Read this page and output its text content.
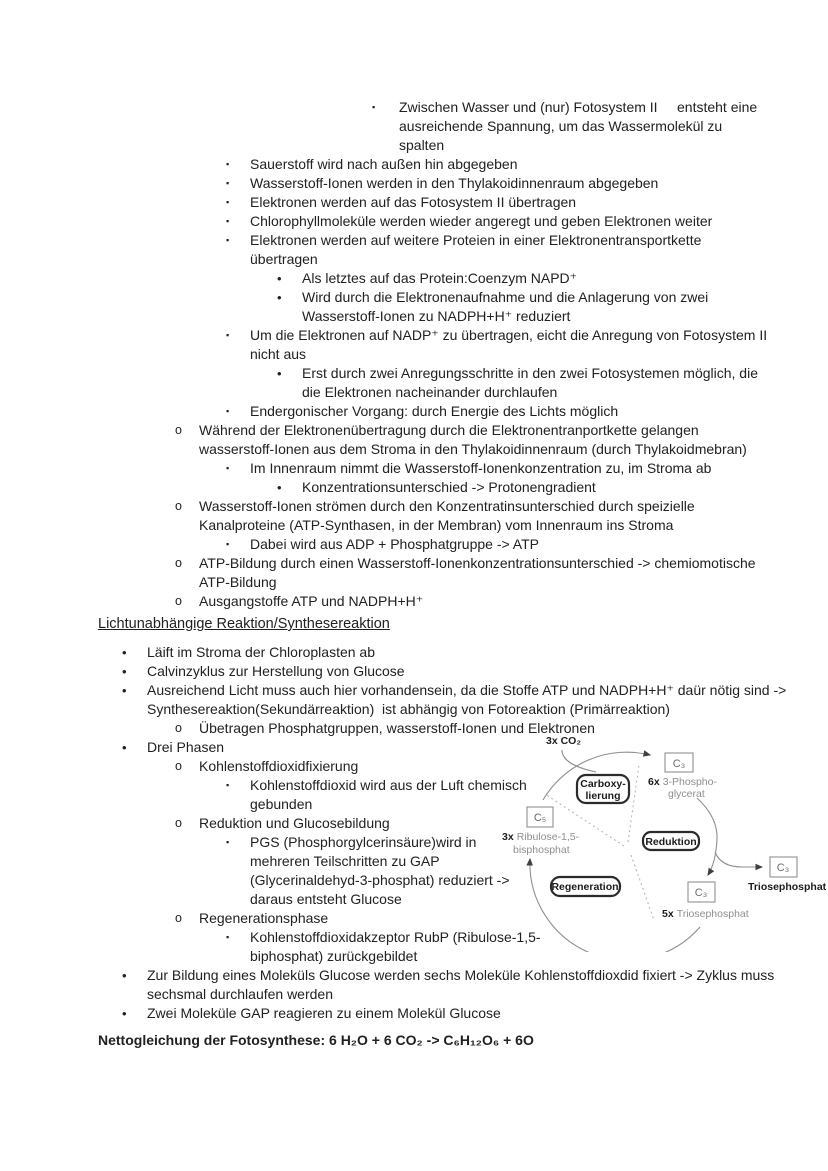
▪ Zwischen Wasser und (nur) Fotosystem II     entsteht eine
ausreichende Spannung, um das Wassermolekül zu
spalten
▪ Sauerstoff wird nach außen hin abgegeben
▪ Wasserstoff-Ionen werden in den Thylakoidinnenraum abgegeben
▪ Elektronen werden auf das Fotosystem II übertragen
▪ Chlorophyllmoleküle werden wieder angeregt und geben Elektronen weiter
▪ Elektronen werden auf weitere Proteien in einer Elektronentransportkette
übertragen
• Als letztes auf das Protein:Coenzym NAPD⁺
• Wird durch die Elektronenaufnahme und die Anlagerung von zwei
Wasserstoff-Ionen zu NADPH+H⁺ reduziert
▪ Um die Elektronen auf NADP⁺ zu übertragen, eicht die Anregung von Fotosystem II
nicht aus
• Erst durch zwei Anregungsschritte in den zwei Fotosystemen möglich, die
die Elektronen nacheinander durchlaufen
▪ Endergonischer Vorgang: durch Energie des Lichts möglich
o Während der Elektronenübertragung durch die Elektronentranportkette gelangen
wasserstoff-Ionen aus dem Stroma in den Thylakoidinnenraum (durch Thylakoidmebran)
▪ Im Innenraum nimmt die Wasserstoff-Ionenkonzentration zu, im Stroma ab
• Konzentrationsunterschied -> Protonengradient
o Wasserstoff-Ionen strömen durch den Konzentratinsunterschied durch speizielle
Kanalproteine (ATP-Synthasen, in der Membran) vom Innenraum ins Stroma
▪ Dabei wird aus ADP + Phosphatgruppe -> ATP
o ATP-Bildung durch einen Wasserstoff-Ionenkonzentrationsunterschied -> chemiomotische
ATP-Bildung
o Ausgangstoffe ATP und NADPH+H⁺
Lichtunabhängige Reaktion/Synthesereaktion
• Läift im Stroma der Chloroplasten ab
• Calvinzyklus zur Herstellung von Glucose
• Ausreichend Licht muss auch hier vorhandensein, da die Stoffe ATP und NADPH+H⁺ daür nötig sind ->
Synthesereaktion(Sekundärreaktion)  ist abhängig von Fotoreaktion (Primärreaktion)
o Übetragen Phosphatgruppen, wasserstoff-Ionen und Elektronen
• Drei Phasen
o Kohlenstoffdioxidfixierung
▪ Kohlenstoffdioxid wird aus der Luft chemisch
gebunden
o Reduktion und Glucosebildung
▪ PGS (Phosphorgylcerinsäure)wird in
mehreren Teilschritten zu GAP
(Glycerinaldehyd-3-phosphat) reduziert ->
daraus entsteht Glucose
o Regenerationsphase
▪ Kohlenstoffdioxidakzeptor RubP (Ribulose-1,5-
biphosphat) zurückgebildet
• Zur Bildung eines Moleküls Glucose werden sechs Moleküle Kohlenstoffdioxdid fixiert -> Zyklus muss
sechsmal durchlaufen werden
• Zwei Moleküle GAP reagieren zu einem Molekül Glucose
Nettogleichung der Fotosynthese: 6 H₂O + 6 CO₂ -> C₆H₁₂O₆ + 6O
3x CO₂
C₃
6x 3-Phospho-
glycerat
Carboxy-
lierung
C₅
3x Ribulose-1,5-
bisphosphat
Reduktion
C₃
Triosephosphat
Regeneration	C₃
5x Triosephosphat
